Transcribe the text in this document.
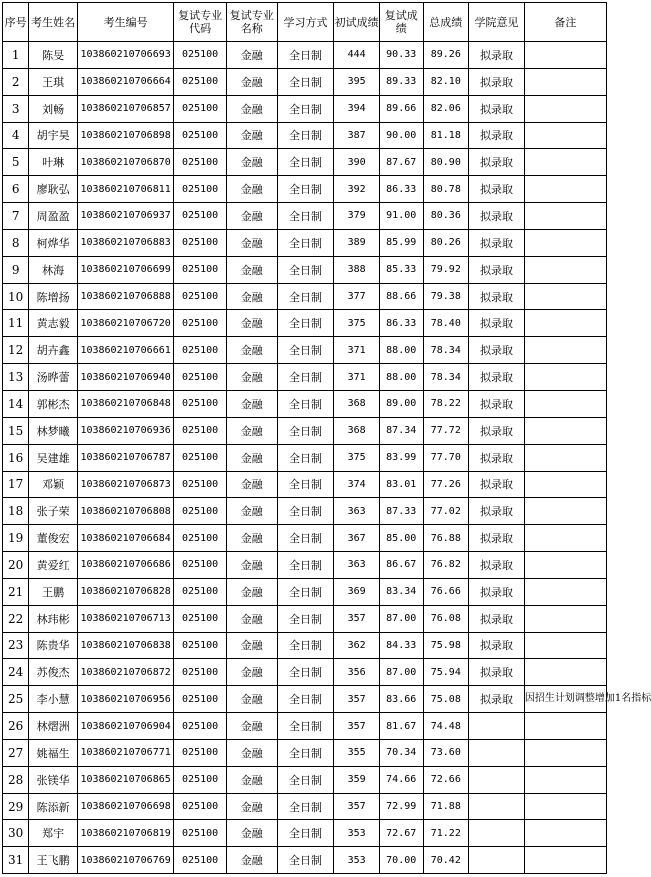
序号	考生姓名	考生编号	复试专业代码	复试专业名称	学习方式	初试成绩	复试成绩	总成绩	学院意见	备注
1	陈旻	103860210706693	025100	金融	全日制	444	90.33	89.26	拟录取	
2	王琪	103860210706664	025100	金融	全日制	395	89.33	82.10	拟录取	
3	刘畅	103860210706857	025100	金融	全日制	394	89.66	82.06	拟录取	
4	胡宇昊	103860210706898	025100	金融	全日制	387	90.00	81.18	拟录取	
5	叶琳	103860210706870	025100	金融	全日制	390	87.67	80.90	拟录取	
6	廖耿弘	103860210706811	025100	金融	全日制	392	86.33	80.78	拟录取	
7	周盈盈	103860210706937	025100	金融	全日制	379	91.00	80.36	拟录取	
8	柯烨华	103860210706883	025100	金融	全日制	389	85.99	80.26	拟录取	
9	林海	103860210706699	025100	金融	全日制	388	85.33	79.92	拟录取	
10	陈增扬	103860210706888	025100	金融	全日制	377	88.66	79.38	拟录取	
11	黄志毅	103860210706720	025100	金融	全日制	375	86.33	78.40	拟录取	
12	胡卉鑫	103860210706661	025100	金融	全日制	371	88.00	78.34	拟录取	
13	汤晔蕾	103860210706940	025100	金融	全日制	371	88.00	78.34	拟录取	
14	郭彬杰	103860210706848	025100	金融	全日制	368	89.00	78.22	拟录取	
15	林梦曦	103860210706936	025100	金融	全日制	368	87.34	77.72	拟录取	
16	吴建雄	103860210706787	025100	金融	全日制	375	83.99	77.70	拟录取	
17	邓颖	103860210706873	025100	金融	全日制	374	83.01	77.26	拟录取	
18	张子荣	103860210706808	025100	金融	全日制	363	87.33	77.02	拟录取	
19	董俊宏	103860210706684	025100	金融	全日制	367	85.00	76.88	拟录取	
20	黄爱红	103860210706686	025100	金融	全日制	363	86.67	76.82	拟录取	
21	王鹏	103860210706828	025100	金融	全日制	369	83.34	76.66	拟录取	
22	林玮彬	103860210706713	025100	金融	全日制	357	87.00	76.08	拟录取	
23	陈贵华	103860210706838	025100	金融	全日制	362	84.33	75.98	拟录取	
24	苏俊杰	103860210706872	025100	金融	全日制	356	87.00	75.94	拟录取	
25	李小慧	103860210706956	025100	金融	全日制	357	83.66	75.08	拟录取	因招生计划调整增加1名指标
26	林熠洲	103860210706904	025100	金融	全日制	357	81.67	74.48		
27	姚福生	103860210706771	025100	金融	全日制	355	70.34	73.60		
28	张镁华	103860210706865	025100	金融	全日制	359	74.66	72.66		
29	陈添新	103860210706698	025100	金融	全日制	357	72.99	71.88		
30	郑宇	103860210706819	025100	金融	全日制	353	72.67	71.22		
31	王飞鹏	103860210706769	025100	金融	全日制	353	70.00	70.42		
